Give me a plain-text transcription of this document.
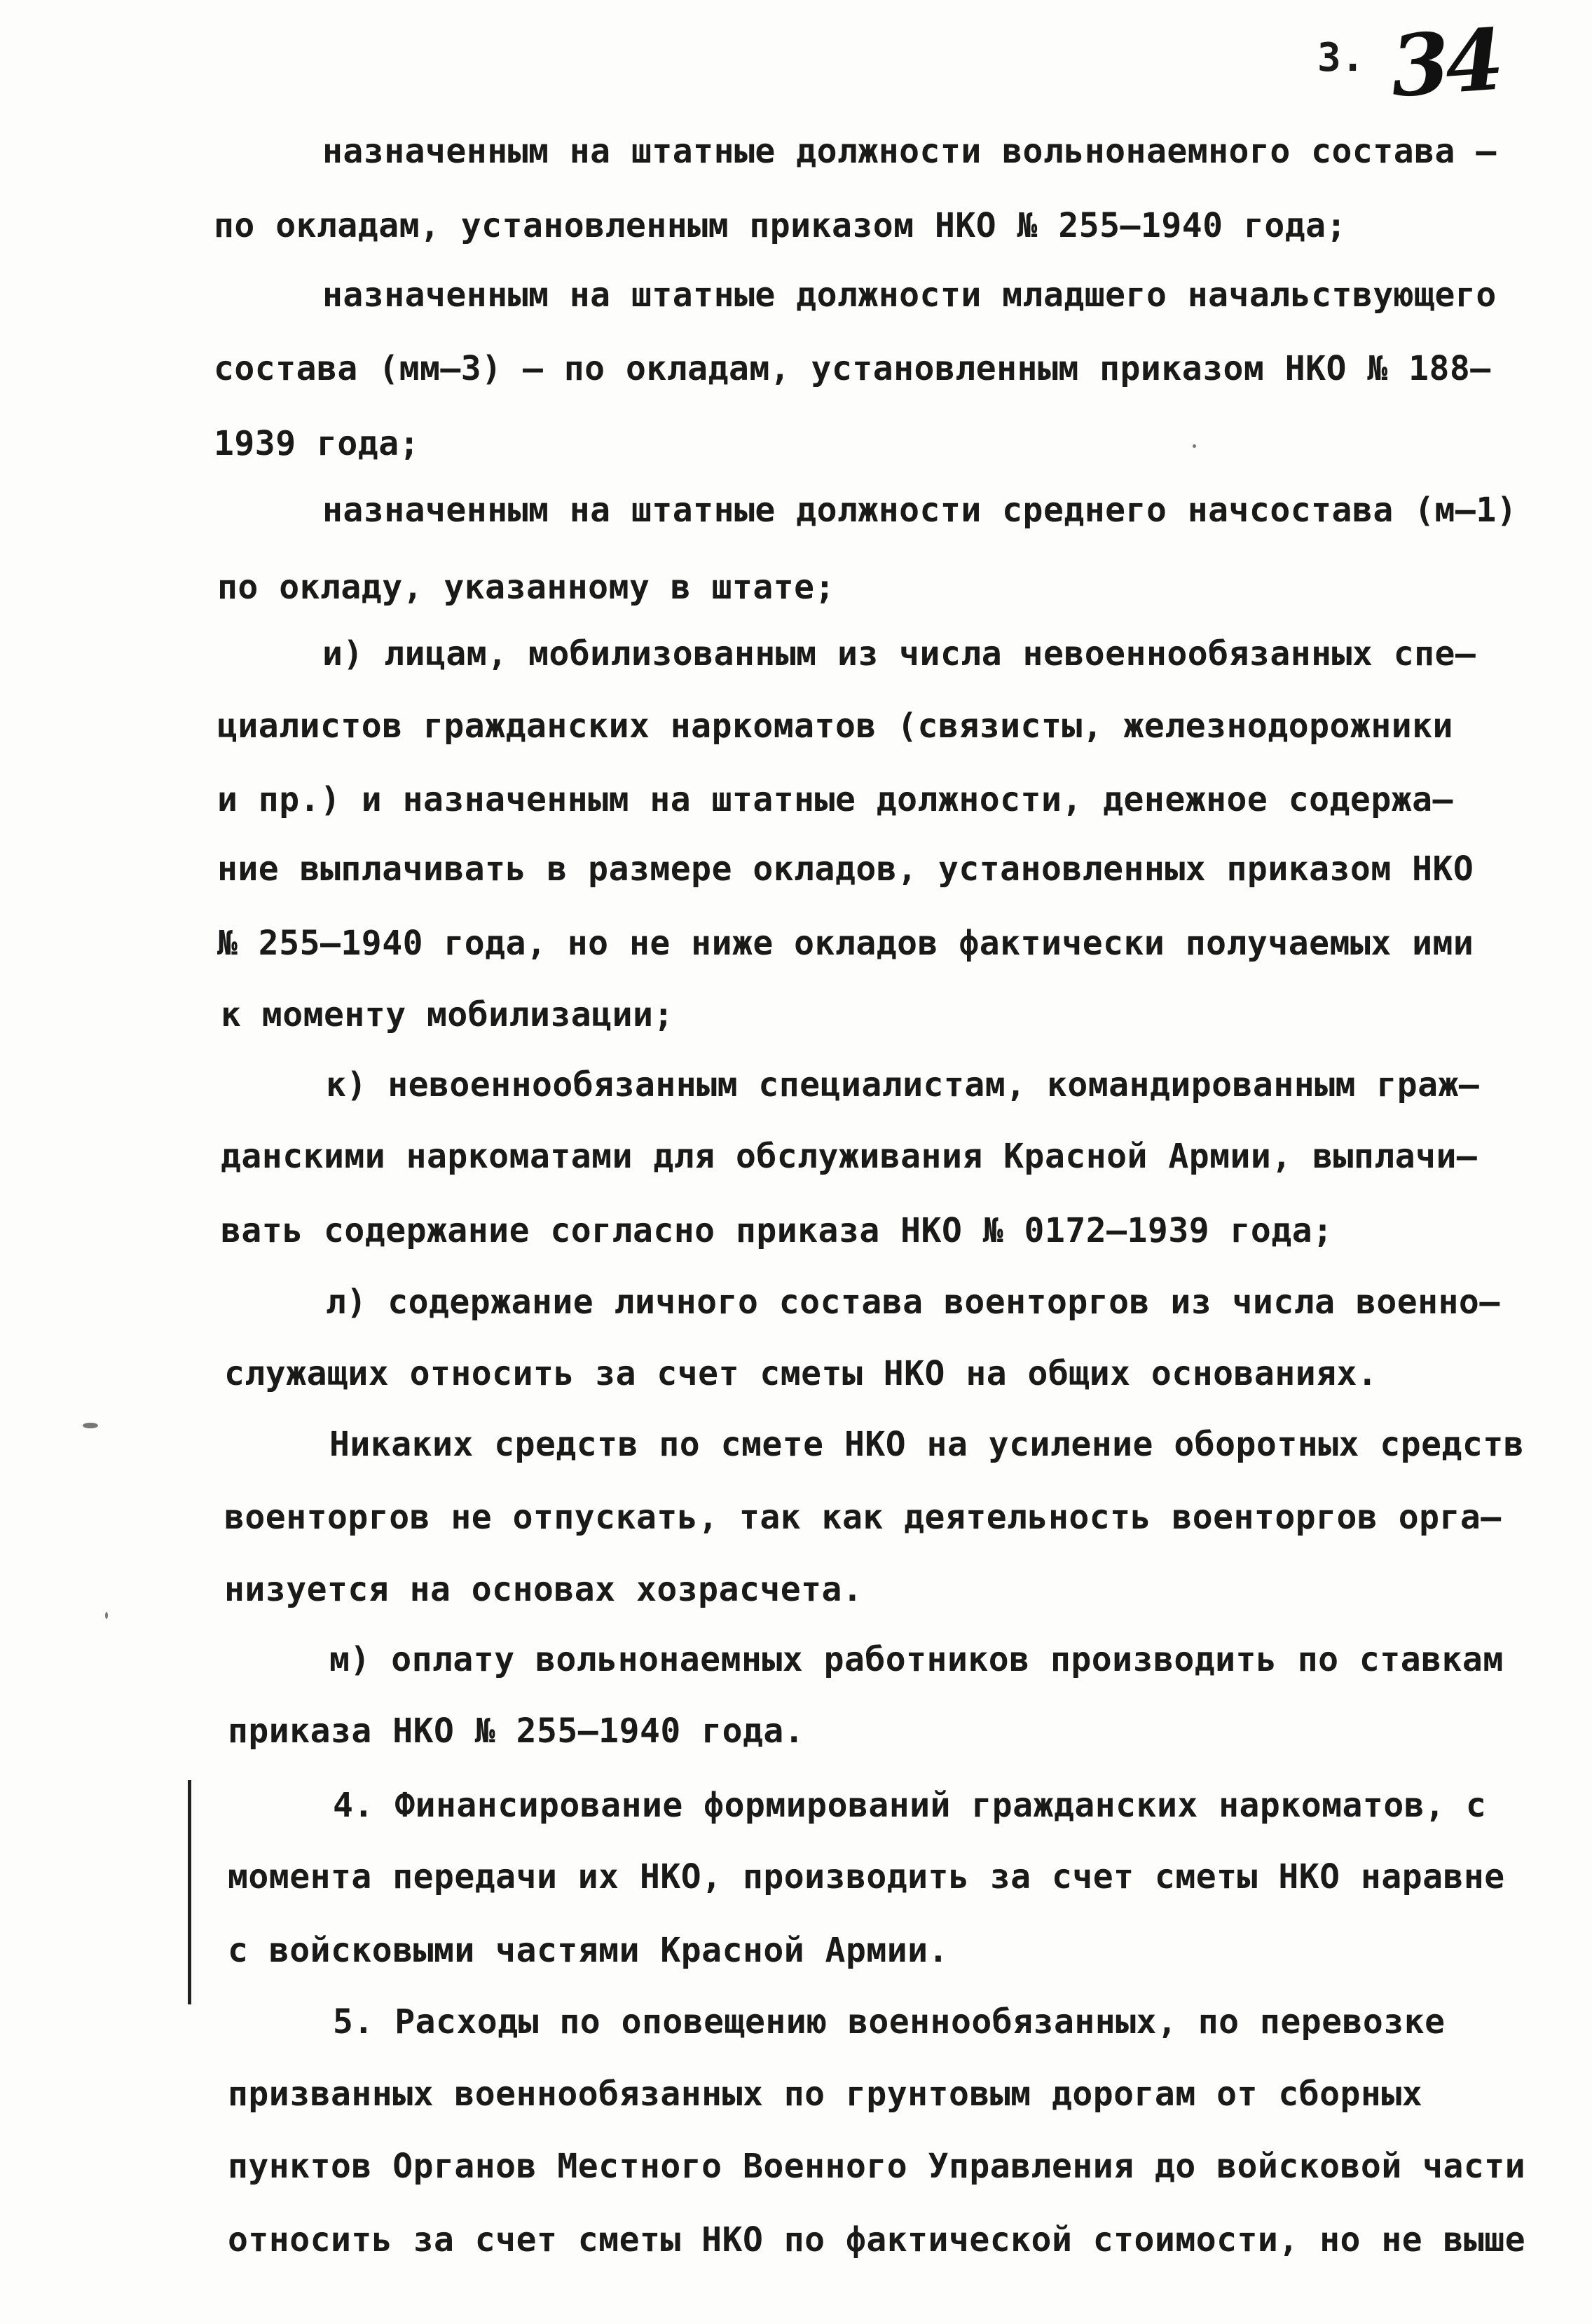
3. 34
назначенным на штатные должности вольнонаемного состава –
по окладам, установленным приказом НКО № 255–1940 года;
назначенным на штатные должности младшего начальствующего
состава (мм–3) – по окладам, установленным приказом НКО № 188–
1939 года;
назначенным на штатные должности среднего начсостава (м–1)
по окладу, указанному в штате;
и) лицам, мобилизованным из числа невоеннообязанных спе–
циалистов гражданских наркоматов (связисты, железнодорожники
и пр.) и назначенным на штатные должности, денежное содержа–
ние выплачивать в размере окладов, установленных приказом НКО
№ 255–1940 года, но не ниже окладов фактически получаемых ими
к моменту мобилизации;
к) невоеннообязанным специалистам, командированным граж–
данскими наркоматами для обслуживания Красной Армии, выплачи–
вать содержание согласно приказа НКО № 0172–1939 года;
л) содержание личного состава военторгов из числа военно–
служащих относить за счет сметы НКО на общих основаниях.
Никаких средств по смете НКО на усиление оборотных средств
военторгов не отпускать, так как деятельность военторгов орга–
низуется на основах хозрасчета.
м) оплату вольнонаемных работников производить по ставкам
приказа НКО № 255–1940 года.
4. Финансирование формирований гражданских наркоматов, с
момента передачи их НКО, производить за счет сметы НКО наравне
с войсковыми частями Красной Армии.
5. Расходы по оповещению военнообязанных, по перевозке
призванных военнообязанных по грунтовым дорогам от сборных
пунктов Органов Местного Военного Управления до войсковой части
относить за счет сметы НКО по фактической стоимости, но не выше
